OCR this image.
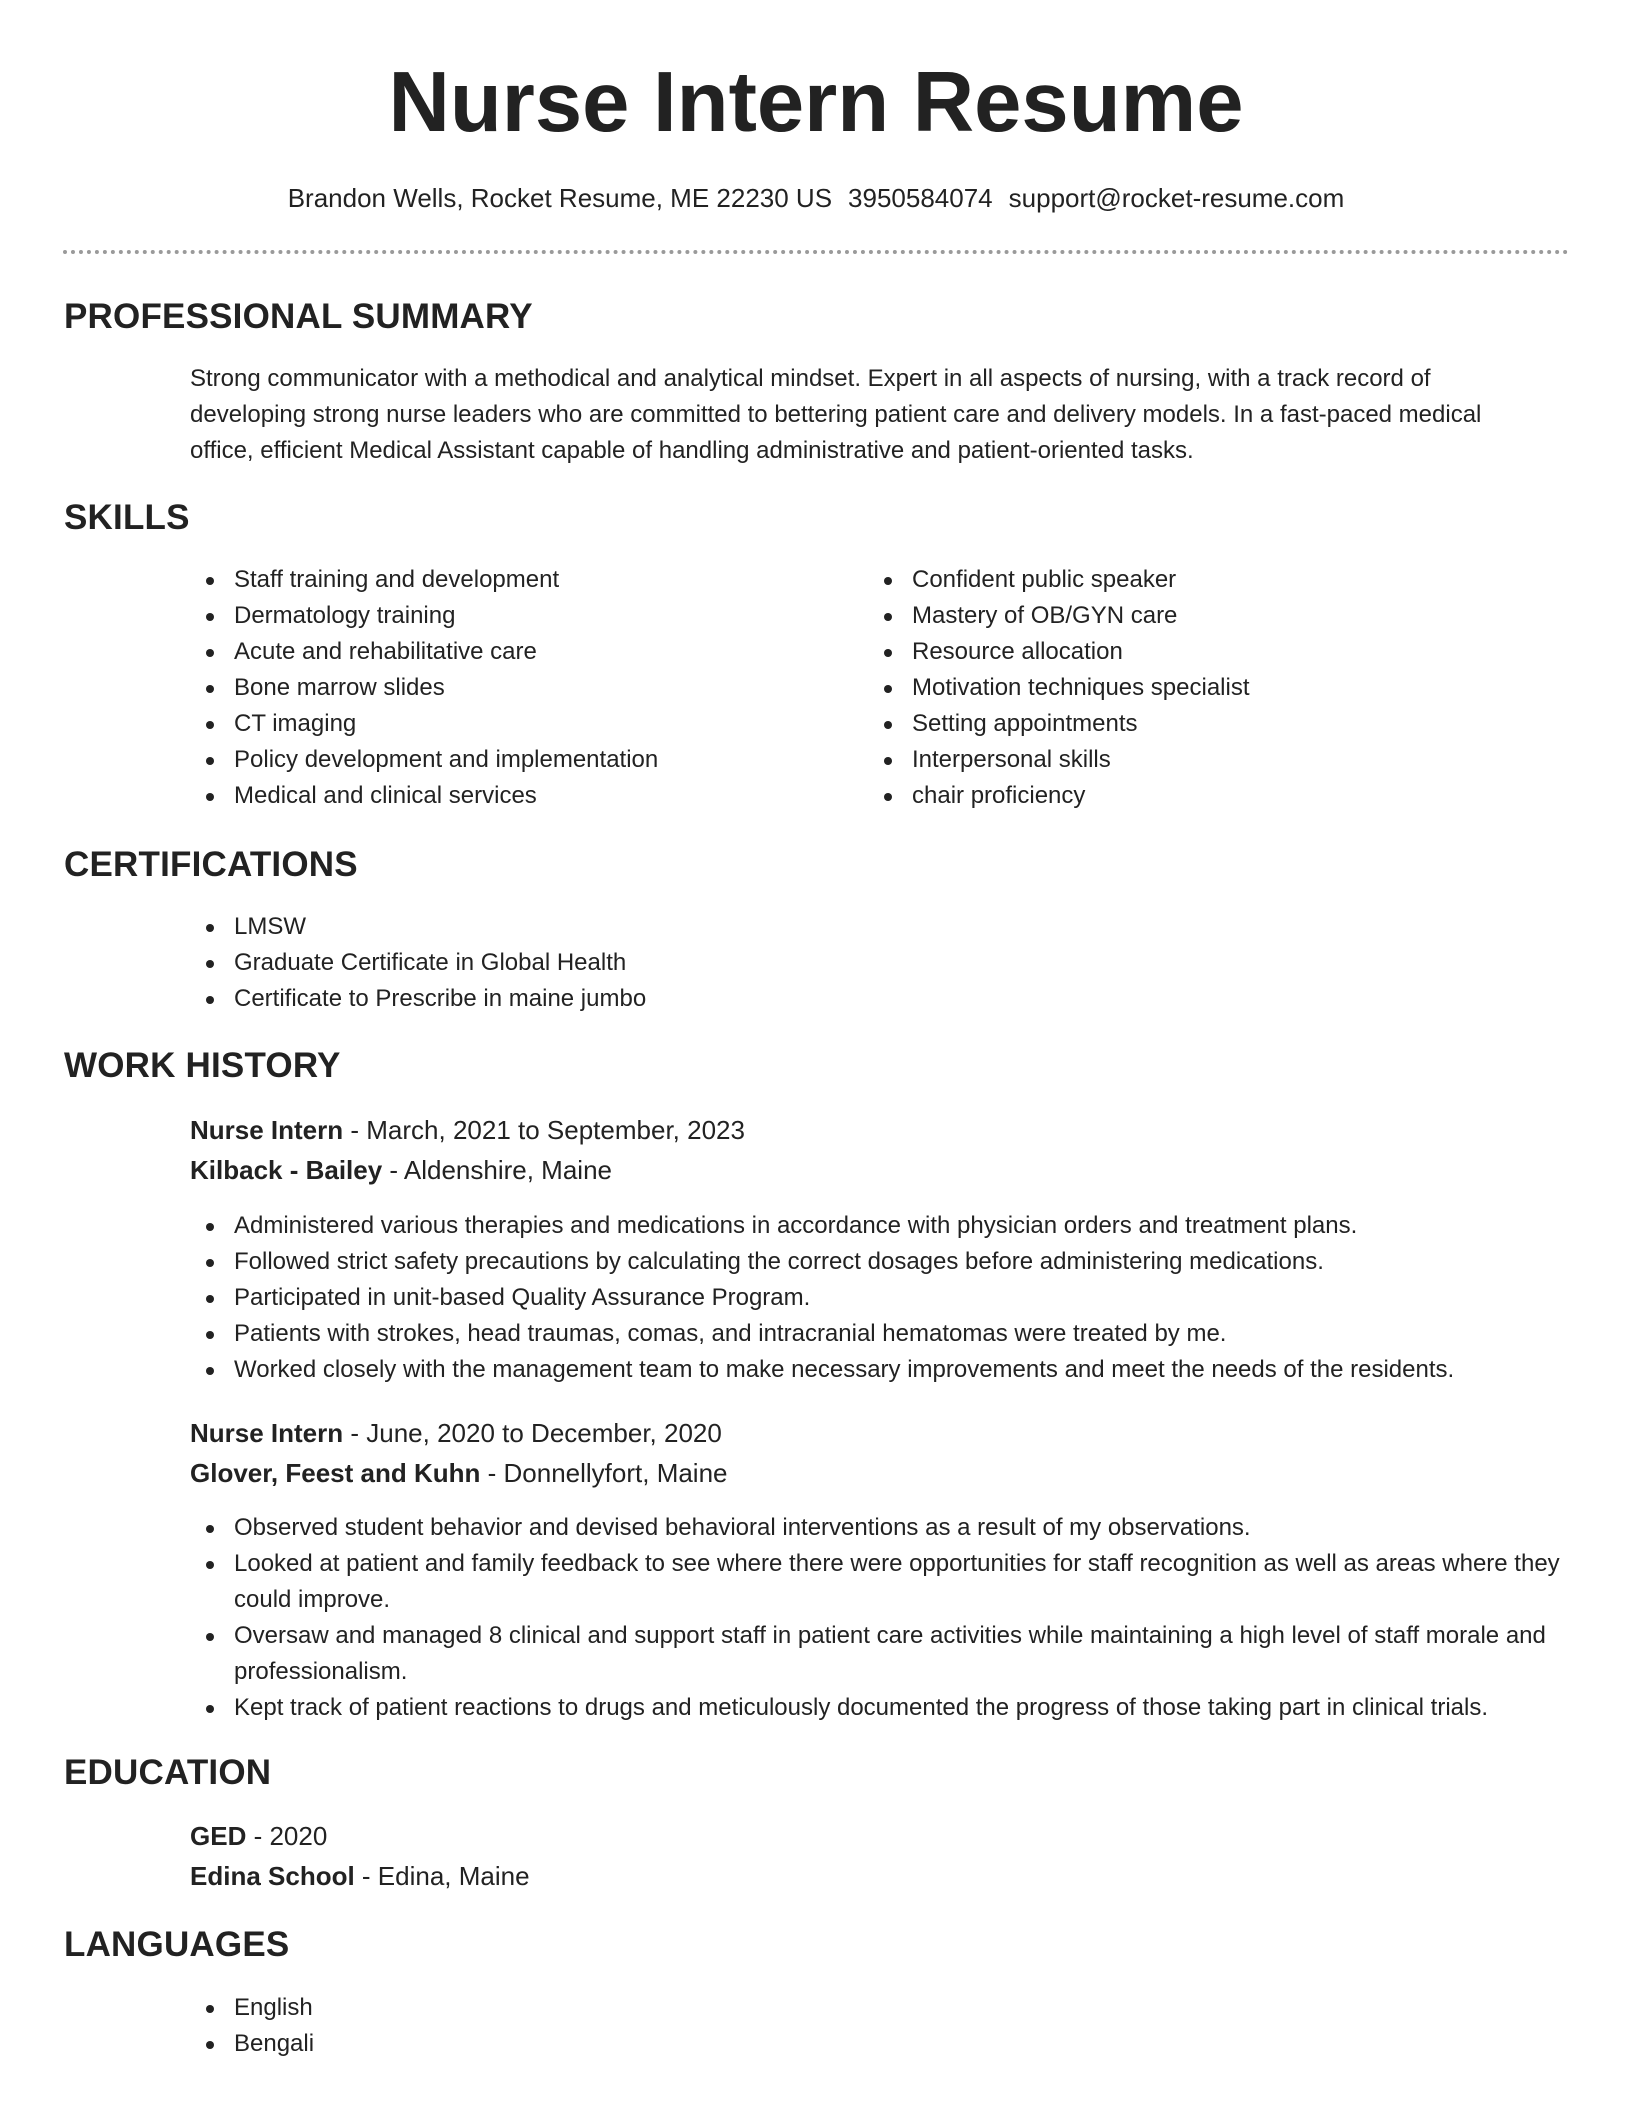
Nurse Intern Resume
Brandon Wells, Rocket Resume, ME 22230 US 3950584074 support@rocket-resume.com
PROFESSIONAL SUMMARY

Strong communicator with a methodical and analytical mindset. Expert in all aspects of nursing, with a track record of developing strong nurse leaders who are committed to bettering patient care and delivery models. In a fast-paced medical office, efficient Medical Assistant capable of handling administrative and patient-oriented tasks.

SKILLS
Staff training and development
Dermatology training
Acute and rehabilitative care
Bone marrow slides
CT imaging
Policy development and implementation
Medical and clinical services
Confident public speaker
Mastery of OB/GYN care
Resource allocation
Motivation techniques specialist
Setting appointments
Interpersonal skills
chair proficiency
CERTIFICATIONS
LMSW
Graduate Certificate in Global Health
Certificate to Prescribe in maine jumbo
WORK HISTORY
Nurse Intern - March, 2021 to September, 2023
Kilback - Bailey - Aldenshire, Maine
Administered various therapies and medications in accordance with physician orders and treatment plans.
Followed strict safety precautions by calculating the correct dosages before administering medications.
Participated in unit-based Quality Assurance Program.
Patients with strokes, head traumas, comas, and intracranial hematomas were treated by me.
Worked closely with the management team to make necessary improvements and meet the needs of the residents.
Nurse Intern - June, 2020 to December, 2020
Glover, Feest and Kuhn - Donnellyfort, Maine
Observed student behavior and devised behavioral interventions as a result of my observations.
Looked at patient and family feedback to see where there were opportunities for staff recognition as well as areas where they could improve.
Oversaw and managed 8 clinical and support staff in patient care activities while maintaining a high level of staff morale and professionalism.
Kept track of patient reactions to drugs and meticulously documented the progress of those taking part in clinical trials.
EDUCATION
GED - 2020
Edina School - Edina, Maine
LANGUAGES
English
Bengali
